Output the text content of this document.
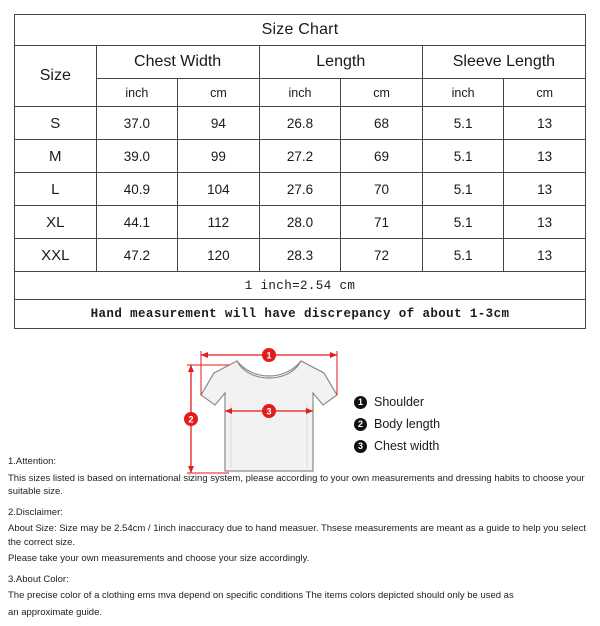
Size Chart						
Size	Chest Width		Length		Sleeve Length	
	inch	cm	inch	cm	inch	cm
S	37.0	94	26.8	68	5.1	13
M	39.0	99	27.2	69	5.1	13
L	40.9	104	27.6	70	5.1	13
XL	44.1	112	28.0	71	5.1	13
XXL	47.2	120	28.3	72	5.1	13
1 inch=2.54 cm						
Hand measurement will have discrepancy of about 1-3cm						
1
2
3
1 Shoulder
2 Body length
3 Chest width

1.Attention:

This sizes listed is based on international sizing system, please according to your own measurements and dressing habits to choose your suitable size.

2.Disclaimer:

About Size: Size may be 2.54cm / 1inch inaccuracy due to hand measuer. Thsese measurements are meant as a guide to help you select the correct size.

Please take your own measurements and choose your size accordingly.

3.About Color:

The precise color of a clothing ems mva depend on specific conditions The items colors depicted should only be used as

an approximate guide.
